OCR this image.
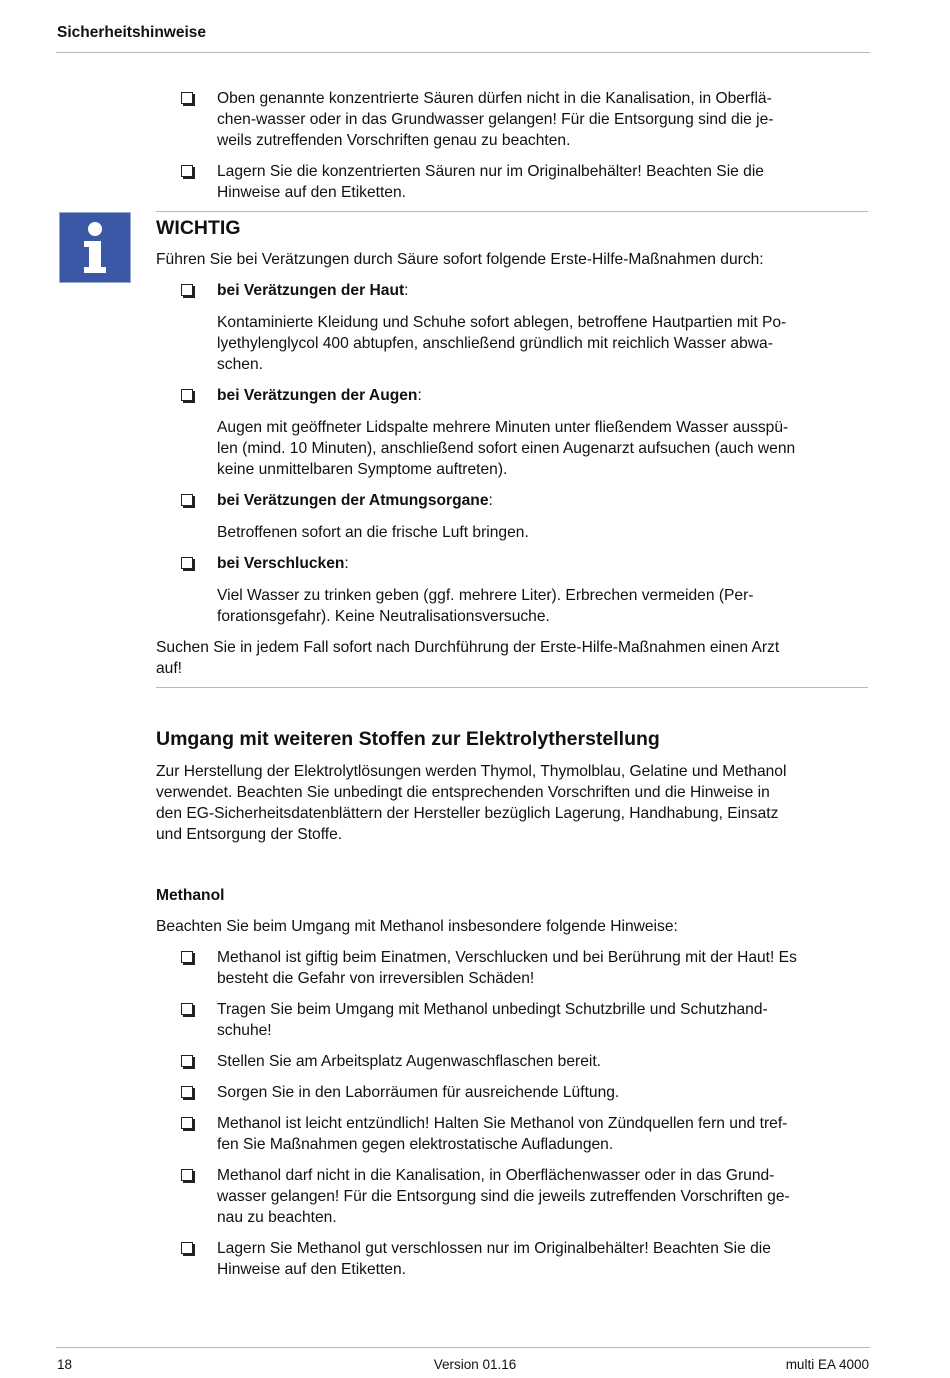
Sicherheitshinweise
Oben genannte konzentrierte Säuren dürfen nicht in die Kanalisation, in Oberflä-
chen-wasser oder in das Grundwasser gelangen! Für die Entsorgung sind die je-
weils zutreffenden Vorschriften genau zu beachten.
Lagern Sie die konzentrierten Säuren nur im Originalbehälter! Beachten Sie die
Hinweise auf den Etiketten.

WICHTIG

Führen Sie bei Verätzungen durch Säure sofort folgende Erste-Hilfe-Maßnahmen durch:

bei Verätzungen der Haut:
Kontaminierte Kleidung und Schuhe sofort ablegen, betroffene Hautpartien mit Po-
lyethylenglycol 400 abtupfen, anschließend gründlich mit reichlich Wasser abwa-
schen.
bei Verätzungen der Augen:
Augen mit geöffneter Lidspalte mehrere Minuten unter fließendem Wasser ausspü-
len (mind. 10 Minuten), anschließend sofort einen Augenarzt aufsuchen (auch wenn
keine unmittelbaren Symptome auftreten).
bei Verätzungen der Atmungsorgane:
Betroffenen sofort an die frische Luft bringen.
bei Verschlucken:
Viel Wasser zu trinken geben (ggf. mehrere Liter). Erbrechen vermeiden (Per-
forationsgefahr). Keine Neutralisationsversuche.

Suchen Sie in jedem Fall sofort nach Durchführung der Erste-Hilfe-Maßnahmen einen Arzt
auf!

Umgang mit weiteren Stoffen zur Elektrolytherstellung

Zur Herstellung der Elektrolytlösungen werden Thymol, Thymolblau, Gelatine und Methanol
verwendet. Beachten Sie unbedingt die entsprechenden Vorschriften und die Hinweise in
den EG-Sicherheitsdatenblättern der Hersteller bezüglich Lagerung, Handhabung, Einsatz
und Entsorgung der Stoffe.

Methanol

Beachten Sie beim Umgang mit Methanol insbesondere folgende Hinweise:

Methanol ist giftig beim Einatmen, Verschlucken und bei Berührung mit der Haut! Es
besteht die Gefahr von irreversiblen Schäden!
Tragen Sie beim Umgang mit Methanol unbedingt Schutzbrille und Schutzhand-
schuhe!
Stellen Sie am Arbeitsplatz Augenwaschflaschen bereit.
Sorgen Sie in den Laborräumen für ausreichende Lüftung.
Methanol ist leicht entzündlich! Halten Sie Methanol von Zündquellen fern und tref-
fen Sie Maßnahmen gegen elektrostatische Aufladungen.
Methanol darf nicht in die Kanalisation, in Oberflächenwasser oder in das Grund-
wasser gelangen! Für die Entsorgung sind die jeweils zutreffenden Vorschriften ge-
nau zu beachten.
Lagern Sie Methanol gut verschlossen nur im Originalbehälter! Beachten Sie die
Hinweise auf den Etiketten.
18	Version 01.16	multi EA 4000
